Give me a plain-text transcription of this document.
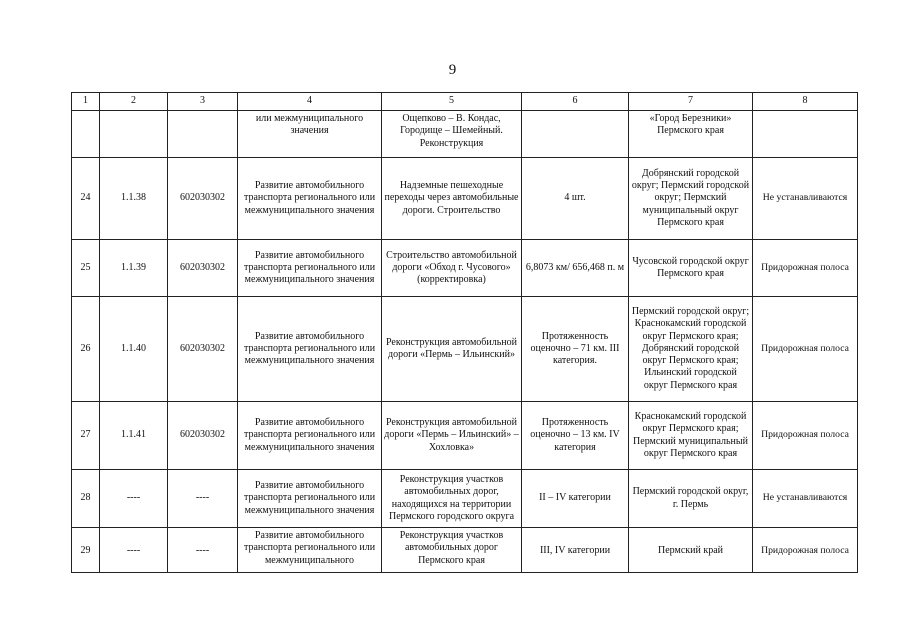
9
1	2	3	4	5	6	7	8
			или межмуниципального значения	Ощепково – В. Кондас, Городище – Шемейный. Реконструкция		«Город Березники» Пермского края	
24	1.1.38	602030302	Развитие автомобильного транспорта регионального или межмуниципального значения	Надземные пешеходные переходы через автомобильные дороги. Строительство	4 шт.	Добрянский городской округ; Пермский городской округ; Пермский муниципальный округ Пермского края	Не устанавливаются
25	1.1.39	602030302	Развитие автомобильного транспорта регионального или межмуниципального значения	Строительство автомобильной дороги «Обход г. Чусового» (корректировка)	6,8073 км/ 656,468 п. м	Чусовской городской округ Пермского края	Придорожная полоса
26	1.1.40	602030302	Развитие автомобильного транспорта регионального или межмуниципального значения	Реконструкция автомобильной дороги «Пермь – Ильинский»	Протяженность оценочно – 71 км. III категория.	Пермский городской округ; Краснокамский городской округ Пермского края; Добрянский городской округ Пермского края; Ильинский городской округ Пермского края	Придорожная полоса
27	1.1.41	602030302	Развитие автомобильного транспорта регионального или межмуниципального значения	Реконструкция автомобильной дороги «Пермь – Ильинский» – Хохловка»	Протяженность оценочно – 13 км. IV категория	Краснокамский городской округ Пермского края; Пермский муниципальный округ Пермского края	Придорожная полоса
28	----	----	Развитие автомобильного транспорта регионального или межмуниципального значения	Реконструкция участков автомобильных дорог, находящихся на территории Пермского городского округа	II – IV категории	Пермский городской округ, г. Пермь	Не устанавливаются
29	----	----	Развитие автомобильного транспорта регионального или межмуниципального	Реконструкция участков автомобильных дорог Пермского края	III, IV категории	Пермский край	Придорожная полоса
